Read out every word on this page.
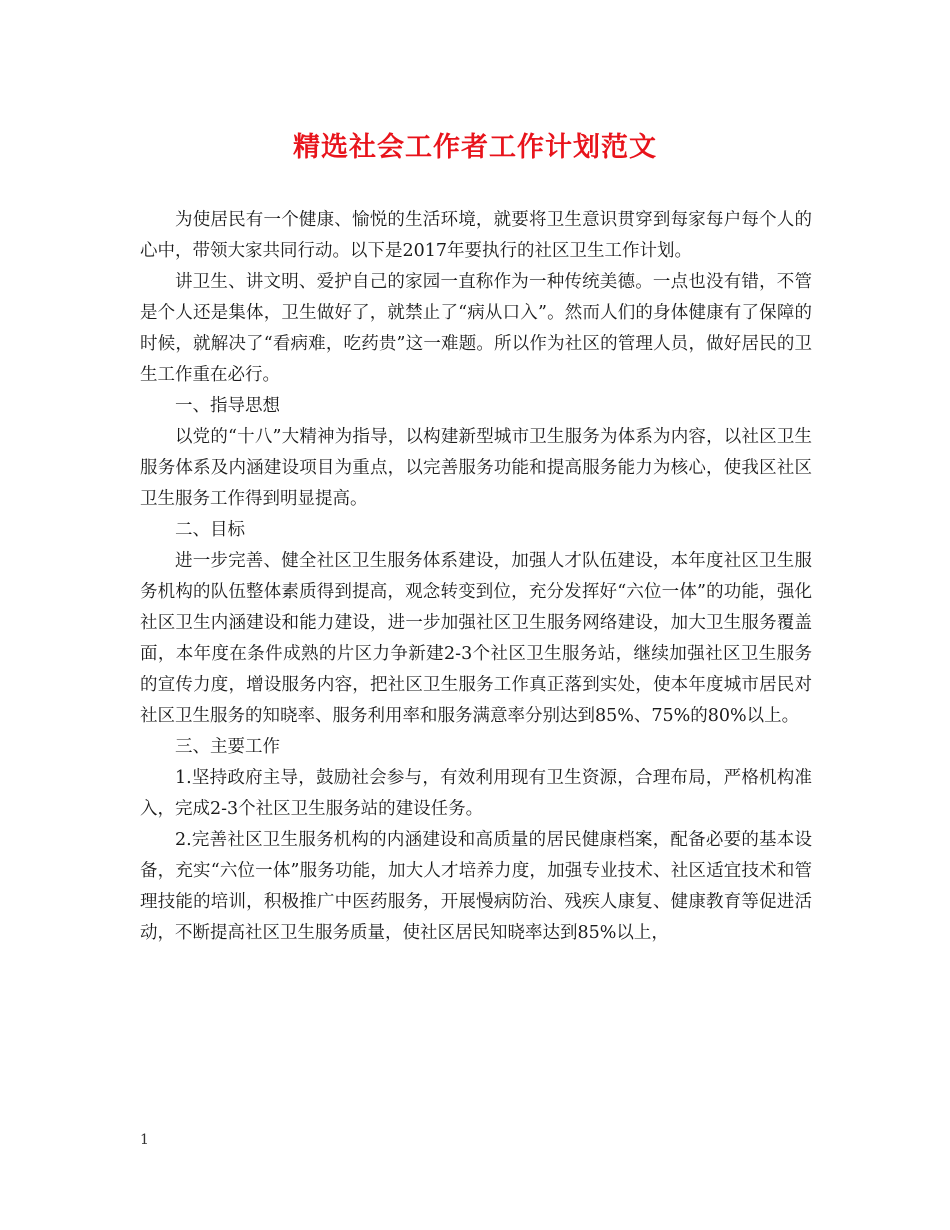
精选社会工作者工作计划范文

为使居民有一个健康、愉悦的生活环境，就要将卫生意识贯穿到每家每户每个人的心中，带领大家共同行动。以下是2017年要执行的社区卫生工作计划。

讲卫生、讲文明、爱护自己的家园一直称作为一种传统美德。一点也没有错，不管是个人还是集体，卫生做好了，就禁止了“病从口入”。然而人们的身体健康有了保障的时候，就解决了“看病难，吃药贵”这一难题。所以作为社区的管理人员，做好居民的卫生工作重在必行。

一、指导思想

以党的“十八”大精神为指导，以构建新型城市卫生服务为体系为内容，以社区卫生服务体系及内涵建设项目为重点，以完善服务功能和提高服务能力为核心，使我区社区卫生服务工作得到明显提高。

二、目标

进一步完善、健全社区卫生服务体系建设，加强人才队伍建设，本年度社区卫生服务机构的队伍整体素质得到提高，观念转变到位，充分发挥好“六位一体”的功能，强化社区卫生内涵建设和能力建设，进一步加强社区卫生服务网络建设，加大卫生服务覆盖面，本年度在条件成熟的片区力争新建2-3个社区卫生服务站，继续加强社区卫生服务的宣传力度，增设服务内容，把社区卫生服务工作真正落到实处，使本年度城市居民对社区卫生服务的知晓率、服务利用率和服务满意率分别达到85%、75%的80%以上。

三、主要工作

1.坚持政府主导，鼓励社会参与，有效利用现有卫生资源，合理布局，严格机构准入，完成2-3个社区卫生服务站的建设任务。

2.完善社区卫生服务机构的内涵建设和高质量的居民健康档案，配备必要的基本设备，充实“六位一体”服务功能，加大人才培养力度，加强专业技术、社区适宜技术和管理技能的培训，积极推广中医药服务，开展慢病防治、残疾人康复、健康教育等促进活动，不断提高社区卫生服务质量，使社区居民知晓率达到85%以上，

1
